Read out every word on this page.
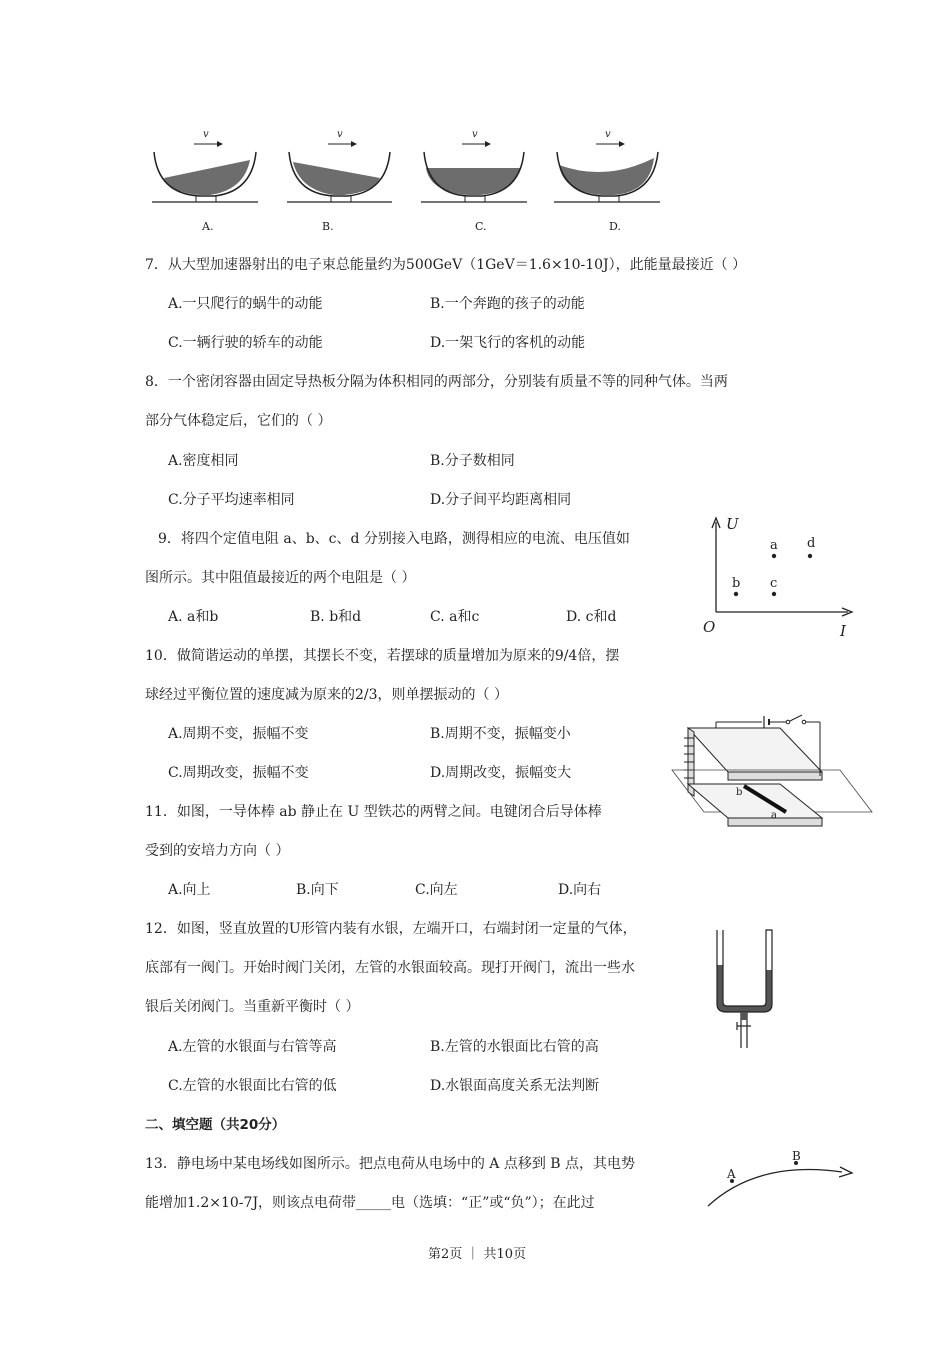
v	v	v	v
A.	B.	C.	D.
7．从大型加速器射出的电子束总能量约为500GeV（1GeV＝1.6×10-10J），此能量最接近（ ）
A.一只爬行的蜗牛的动能	B.一个奔跑的孩子的动能
C.一辆行驶的轿车的动能	D.一架飞行的客机的动能
8．一个密闭容器由固定导热板分隔为体积相同的两部分，分别装有质量不等的同种气体。当两
部分气体稳定后，它们的（ ）
A.密度相同	B.分子数相同
C.分子平均速率相同	D.分子间平均距离相同
9．将四个定值电阻 a、b、c、d 分别接入电路，测得相应的电流、电压值如
图所示。其中阻值最接近的两个电阻是（ ）
A. a和b	B. b和d	C. a和c	D. c和d
U
I
O
a d
b c
10．做简谐运动的单摆，其摆长不变，若摆球的质量增加为原来的9/4倍，摆
球经过平衡位置的速度减为原来的2/3，则单摆振动的（ ）
A.周期不变，振幅不变	B.周期不变，振幅变小
C.周期改变，振幅不变	D.周期改变，振幅变大
b
a
11．如图，一导体棒 ab 静止在 U 型铁芯的两臂之间。电键闭合后导体棒
受到的安培力方向（ ）
A.向上	B.向下	C.向左	D.向右
12．如图，竖直放置的U形管内装有水银，左端开口，右端封闭一定量的气体，
底部有一阀门。开始时阀门关闭，左管的水银面较高。现打开阀门，流出一些水
银后关闭阀门。当重新平衡时（ ）
A.左管的水银面与右管等高	B.左管的水银面比右管的高
C.左管的水银面比右管的低	D.水银面高度关系无法判断
二、填空题（共20分）
13．静电场中某电场线如图所示。把点电荷从电场中的 A 点移到 B 点，其电势
能增加1.2×10-7J，则该点电荷带_____电（选填：“正”或“负”）；在此过
A
B
第2页 ｜ 共10页
